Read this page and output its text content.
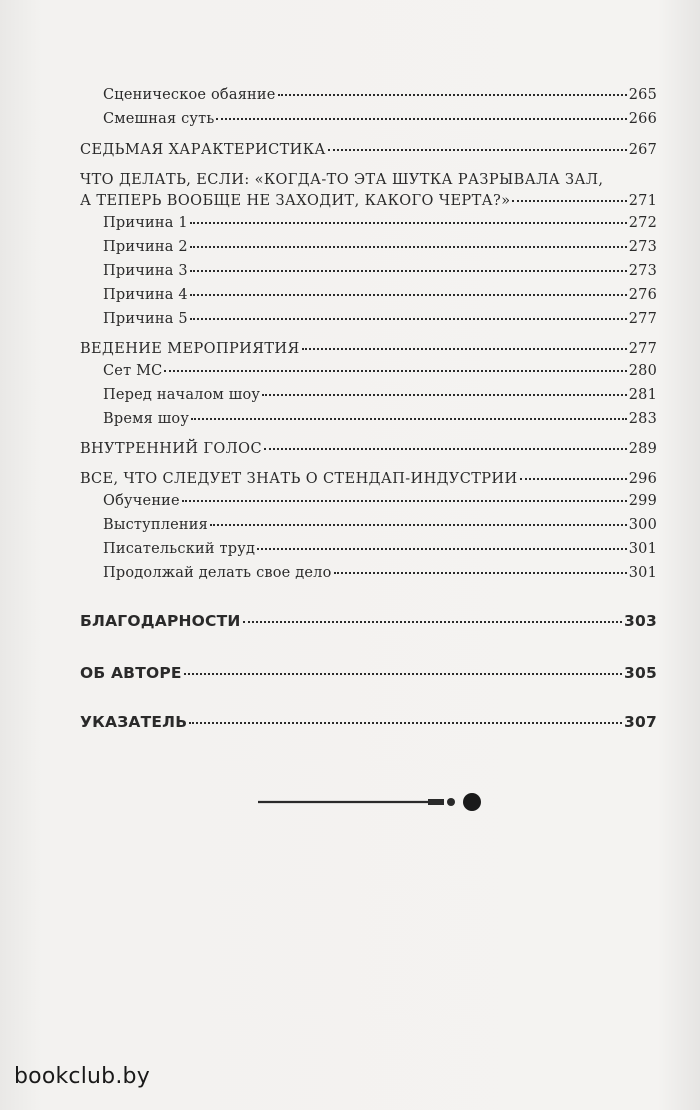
Сценическое обаяние	265
Смешная суть	266
СЕДЬМАЯ ХАРАКТЕРИСТИКА	267
ЧТО ДЕЛАТЬ, ЕСЛИ: «КОГДА-ТО ЭТА ШУТКА РАЗРЫВАЛА ЗАЛ,
А ТЕПЕРЬ ВООБЩЕ НЕ ЗАХОДИТ, КАКОГО ЧЕРТА?»	271
Причина 1	272
Причина 2	273
Причина 3	273
Причина 4	276
Причина 5	277
ВЕДЕНИЕ МЕРОПРИЯТИЯ	277
Сет МС	280
Перед началом шоу	281
Время шоу	283
ВНУТРЕННИЙ ГОЛОС	289
ВСЕ, ЧТО СЛЕДУЕТ ЗНАТЬ О СТЕНДАП-ИНДУСТРИИ	296
Обучение	299
Выступления	300
Писательский труд	301
Продолжай делать свое дело	301
БЛАГОДАРНОСТИ	303
ОБ АВТОРЕ	305
УКАЗАТЕЛЬ	307
bookclub.by
